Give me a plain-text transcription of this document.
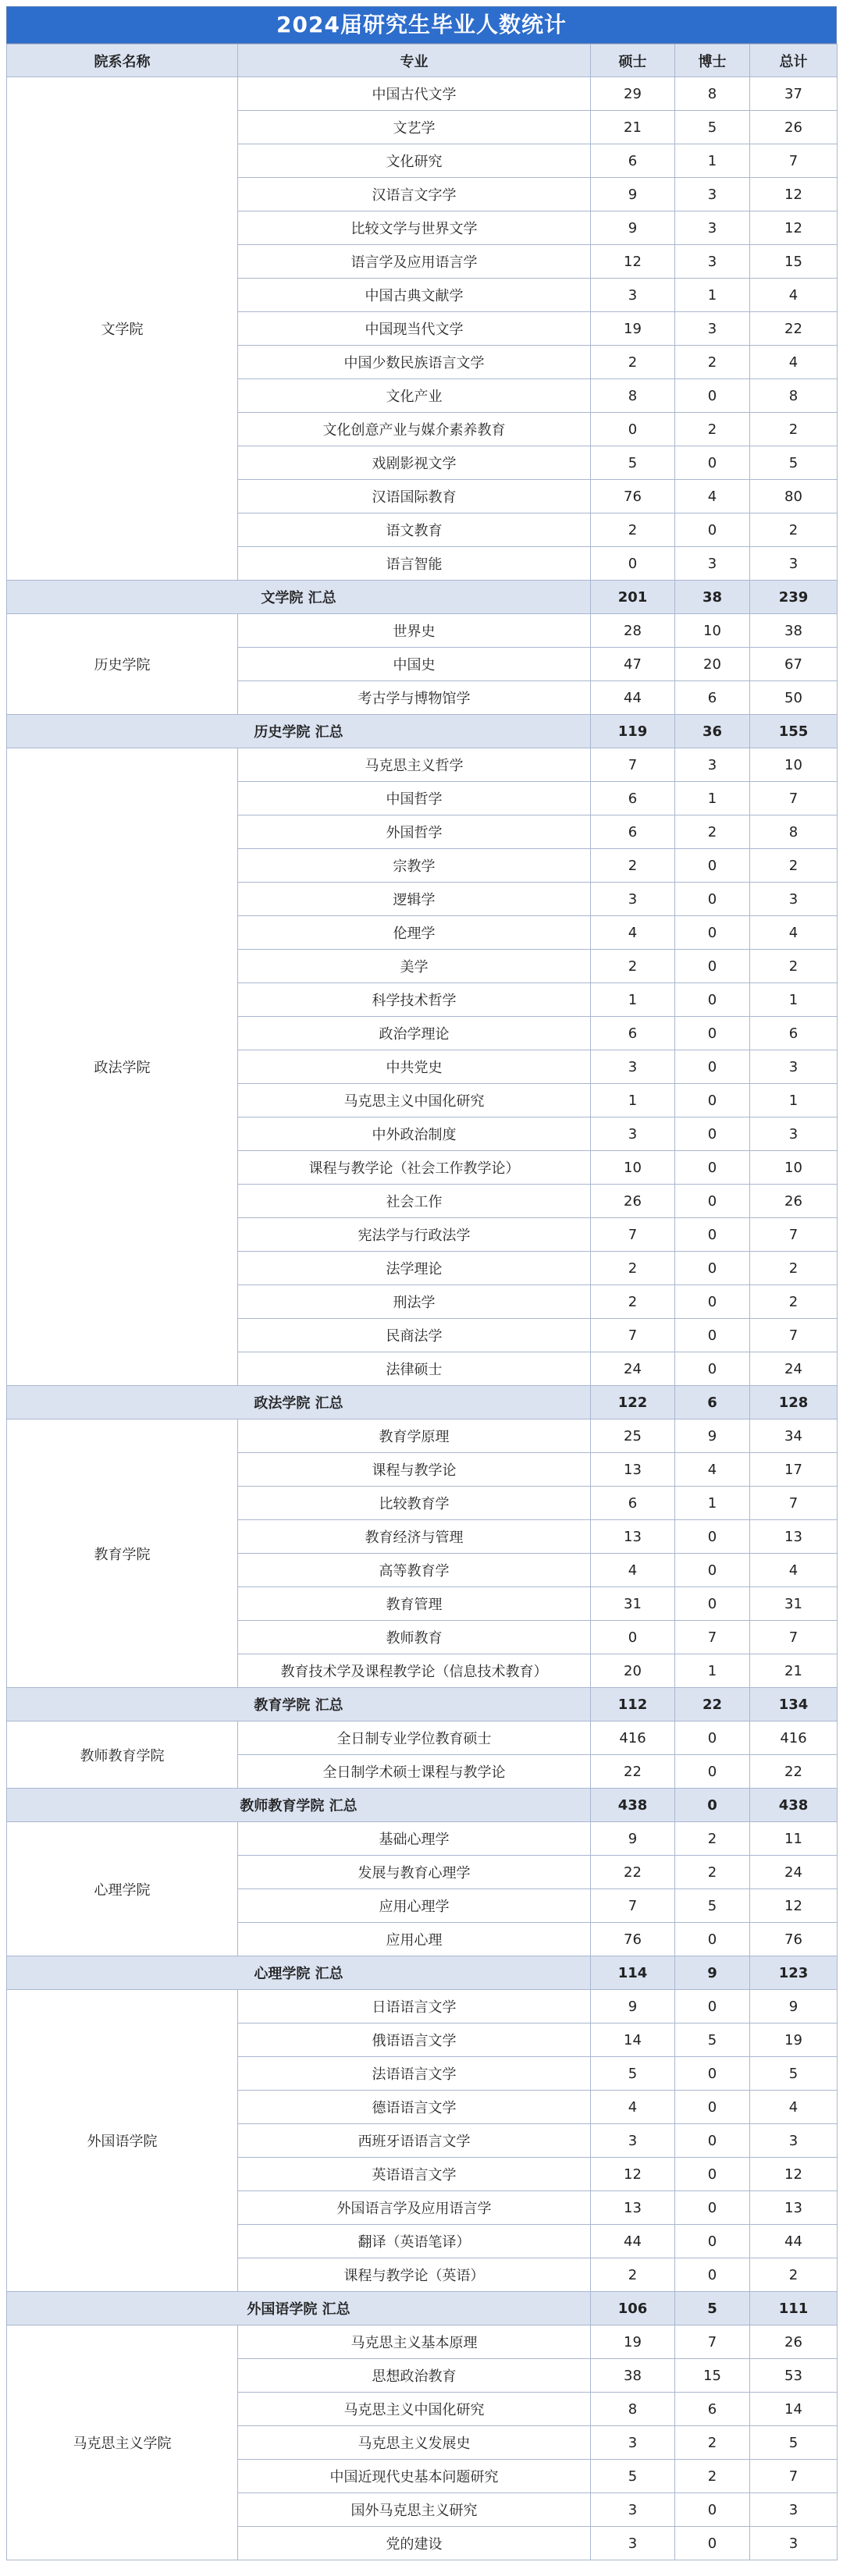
2024届研究生毕业人数统计
院系名称	专业	硕士	博士	总计
文学院	中国古代文学	29	8	37
	文艺学	21	5	26
	文化研究	6	1	7
	汉语言文字学	9	3	12
	比较文学与世界文学	9	3	12
	语言学及应用语言学	12	3	15
	中国古典文献学	3	1	4
	中国现当代文学	19	3	22
	中国少数民族语言文学	2	2	4
	文化产业	8	0	8
	文化创意产业与媒介素养教育	0	2	2
	戏剧影视文学	5	0	5
	汉语国际教育	76	4	80
	语文教育	2	0	2
	语言智能	0	3	3
文学院 汇总		201	38	239
历史学院	世界史	28	10	38
	中国史	47	20	67
	考古学与博物馆学	44	6	50
历史学院 汇总		119	36	155
政法学院	马克思主义哲学	7	3	10
	中国哲学	6	1	7
	外国哲学	6	2	8
	宗教学	2	0	2
	逻辑学	3	0	3
	伦理学	4	0	4
	美学	2	0	2
	科学技术哲学	1	0	1
	政治学理论	6	0	6
	中共党史	3	0	3
	马克思主义中国化研究	1	0	1
	中外政治制度	3	0	3
	课程与教学论（社会工作教学论）	10	0	10
	社会工作	26	0	26
	宪法学与行政法学	7	0	7
	法学理论	2	0	2
	刑法学	2	0	2
	民商法学	7	0	7
	法律硕士	24	0	24
政法学院 汇总		122	6	128
教育学院	教育学原理	25	9	34
	课程与教学论	13	4	17
	比较教育学	6	1	7
	教育经济与管理	13	0	13
	高等教育学	4	0	4
	教育管理	31	0	31
	教师教育	0	7	7
	教育技术学及课程教学论（信息技术教育）	20	1	21
教育学院 汇总		112	22	134
教师教育学院	全日制专业学位教育硕士	416	0	416
	全日制学术硕士课程与教学论	22	0	22
教师教育学院 汇总		438	0	438
心理学院	基础心理学	9	2	11
	发展与教育心理学	22	2	24
	应用心理学	7	5	12
	应用心理	76	0	76
心理学院 汇总		114	9	123
外国语学院	日语语言文学	9	0	9
	俄语语言文学	14	5	19
	法语语言文学	5	0	5
	德语语言文学	4	0	4
	西班牙语语言文学	3	0	3
	英语语言文学	12	0	12
	外国语言学及应用语言学	13	0	13
	翻译（英语笔译）	44	0	44
	课程与教学论（英语）	2	0	2
外国语学院 汇总		106	5	111
马克思主义学院	马克思主义基本原理	19	7	26
	思想政治教育	38	15	53
	马克思主义中国化研究	8	6	14
	马克思主义发展史	3	2	5
	中国近现代史基本问题研究	5	2	7
	国外马克思主义研究	3	0	3
	党的建设	3	0	3
